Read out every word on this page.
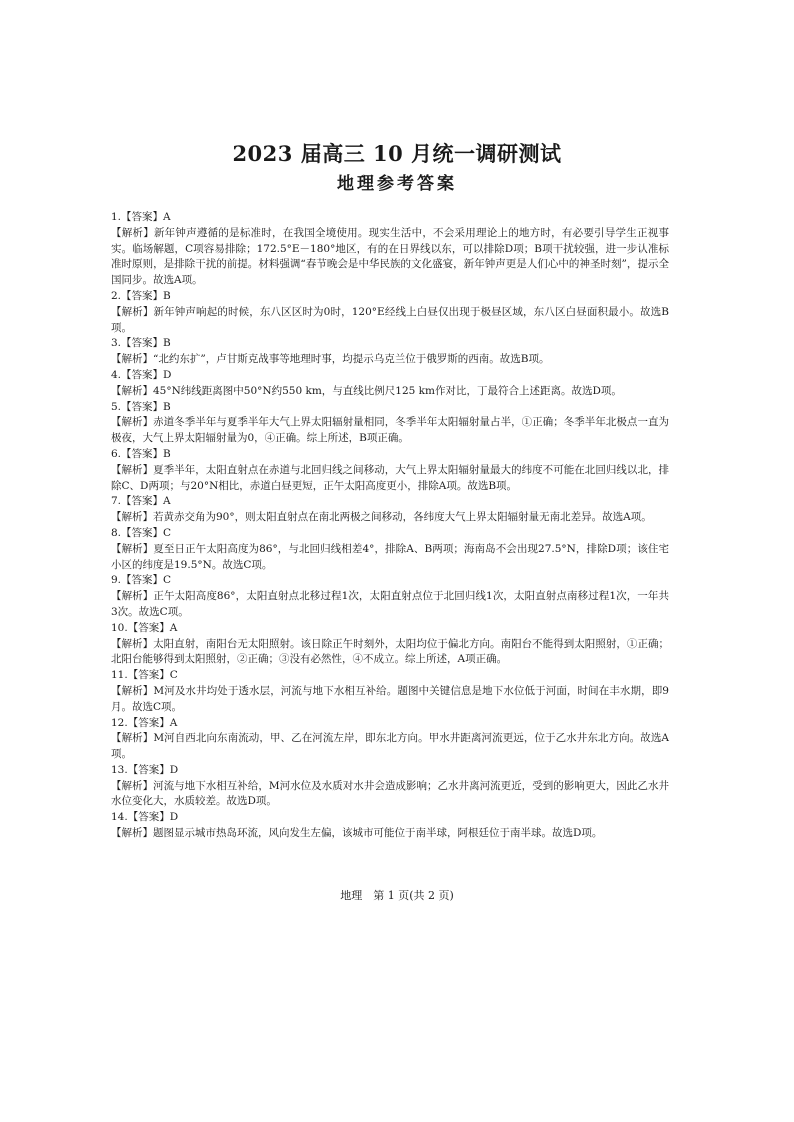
2023 届高三 10 月统一调研测试
地理参考答案
1.【答案】A
【解析】新年钟声遵循的是标准时，在我国全境使用。现实生活中，不会采用理论上的地方时，有必要引导学生正视事实。临场解题，C项容易排除；172.5°E－180°地区，有的在日界线以东，可以排除D项；B项干扰较强，进一步认准标准时原则，是排除干扰的前提。材料强调“春节晚会是中华民族的文化盛宴，新年钟声更是人们心中的神圣时刻”，提示全国同步。故选A项。
2.【答案】B
【解析】新年钟声响起的时候，东八区区时为0时，120°E经线上白昼仅出现于极昼区域，东八区白昼面积最小。故选B项。
3.【答案】B
【解析】“北约东扩”，卢甘斯克战事等地理时事，均提示乌克兰位于俄罗斯的西南。故选B项。
4.【答案】D
【解析】45°N纬线距离图中50°N约550 km，与直线比例尺125 km作对比，丁最符合上述距离。故选D项。
5.【答案】B
【解析】赤道冬季半年与夏季半年大气上界太阳辐射量相同，冬季半年太阳辐射量占半，①正确；冬季半年北极点一直为极夜，大气上界太阳辐射量为0，④正确。综上所述，B项正确。
6.【答案】B
【解析】夏季半年，太阳直射点在赤道与北回归线之间移动，大气上界太阳辐射量最大的纬度不可能在北回归线以北，排除C、D两项；与20°N相比，赤道白昼更短，正午太阳高度更小，排除A项。故选B项。
7.【答案】A
【解析】若黄赤交角为90°，则太阳直射点在南北两极之间移动，各纬度大气上界太阳辐射量无南北差异。故选A项。
8.【答案】C
【解析】夏至日正午太阳高度为86°，与北回归线相差4°，排除A、B两项；海南岛不会出现27.5°N，排除D项；该住宅小区的纬度是19.5°N。故选C项。
9.【答案】C
【解析】正午太阳高度86°，太阳直射点北移过程1次，太阳直射点位于北回归线1次，太阳直射点南移过程1次，一年共3次。故选C项。
10.【答案】A
【解析】太阳直射，南阳台无太阳照射。该日除正午时刻外，太阳均位于偏北方向。南阳台不能得到太阳照射，①正确；北阳台能够得到太阳照射，②正确；③没有必然性，④不成立。综上所述，A项正确。
11.【答案】C
【解析】M河及水井均处于透水层，河流与地下水相互补给。题图中关键信息是地下水位低于河面，时间在丰水期，即9月。故选C项。
12.【答案】A
【解析】M河自西北向东南流动，甲、乙在河流左岸，即东北方向。甲水井距离河流更远，位于乙水井东北方向。故选A项。
13.【答案】D
【解析】河流与地下水相互补给，M河水位及水质对水井会造成影响；乙水井离河流更近，受到的影响更大，因此乙水井水位变化大，水质较差。故选D项。
14.【答案】D
【解析】题图显示城市热岛环流，风向发生左偏，该城市可能位于南半球，阿根廷位于南半球。故选D项。
地理　第 1 页(共 2 页)
